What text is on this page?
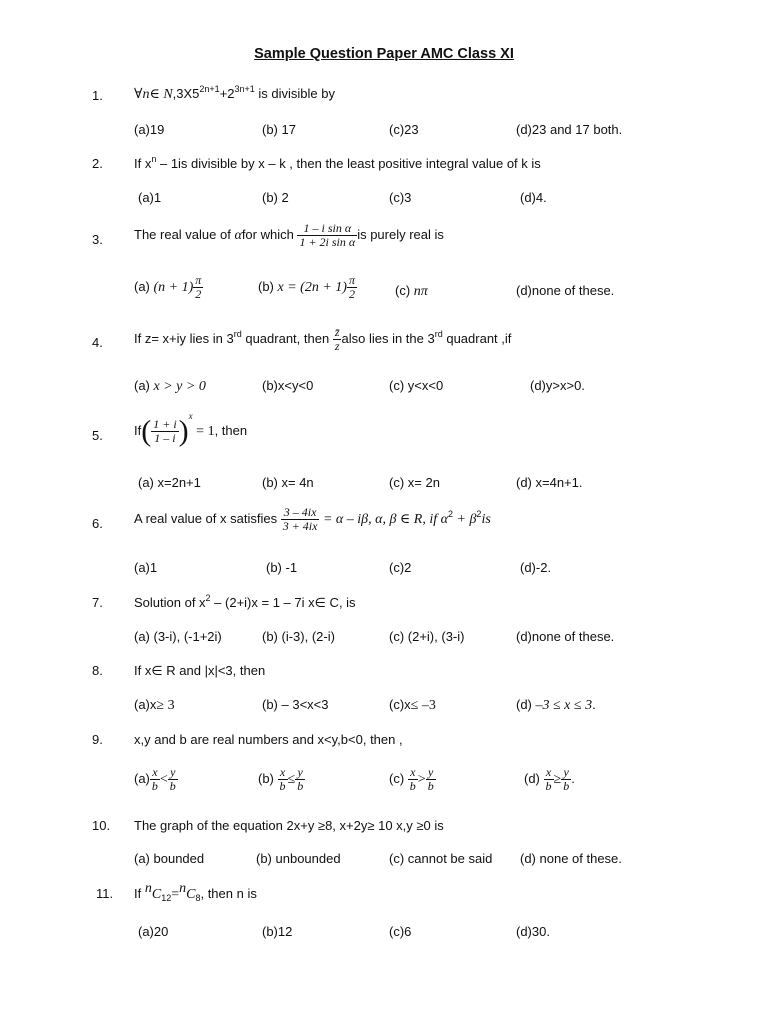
Sample Question Paper AMC Class XI
1. ∀n∈ $N,3X5^{2n+1}+2^{3n+1}$ is divisible by
(a)19	(b) 17	(c)23	(d)23 and 17 both.
2. If $x^n - 1is$ divisible by x – k , then the least positive integral value of k is
(a)1	(b) 2	(c)3	(d)4.
3. The real value of αfor which $\frac{\text{1 – i sin α}}{\text{1 + 2i sin α}}$ is purely real is
(a) $(n + 1) \frac{\pi}{2}$	(b) $x = (2n + 1) \frac{\pi}{2}$	(c) nπ	(d)none of these.
4. If z= x+iy lies in 3rd quadrant, then $\frac{z̄}{z}$ also lies in the 3rd quadrant ,if
(a) x > y > 0	(b)x<y<0	(c) y<x<0	(d)y>x>0.
5. $If( \frac{1 + i}{1 - i} )^x = 1$, then
(a) x=2n+1	(b) x= 4n	(c) x= 2n	(d) x=4n+1.
6. A real value of x satisfies $\frac{3 - 4ix}{3 + 4ix} = \alpha - i\beta$, α, β ∈ R, if $\alpha^2 + \beta^2is$
(a)1	(b) -1	(c)2	(d)-2.
7. Solution of $x^2 - (2+i)x = 1 - 7i$ x∈ C, is
(a) (3-i), (-1+2i)	(b) (i-3), (2-i)	(c) (2+i), (3-i)	(d)none of these.
8. If x∈ R and |x|<3, then
(a)x≥ 3	(b) – 3<x<3	(c)x≤ –3	(d) –3 ≤ x ≤ 3.
9. x,y and b are real numbers and x<y,b<0, then ,
$(a) \frac{x}{b} < \frac{y}{b}$	$(b) \frac{x}{b} \le \frac{y}{b}$	$(c) \frac{x}{b} > \frac{y}{b}$	$(d) \frac{x}{b} \ge \frac{y}{b}$ .
10. The graph of the equation 2x+y ≥8, x+2y≥ 10 x,y ≥0 is
(a) bounded	(b) unbounded	(c) cannot be said (d) none of these.
11. If $^nC_{12}=^nC_8$, then n is
(a)20	(b)12	(c)6	(d)30.
